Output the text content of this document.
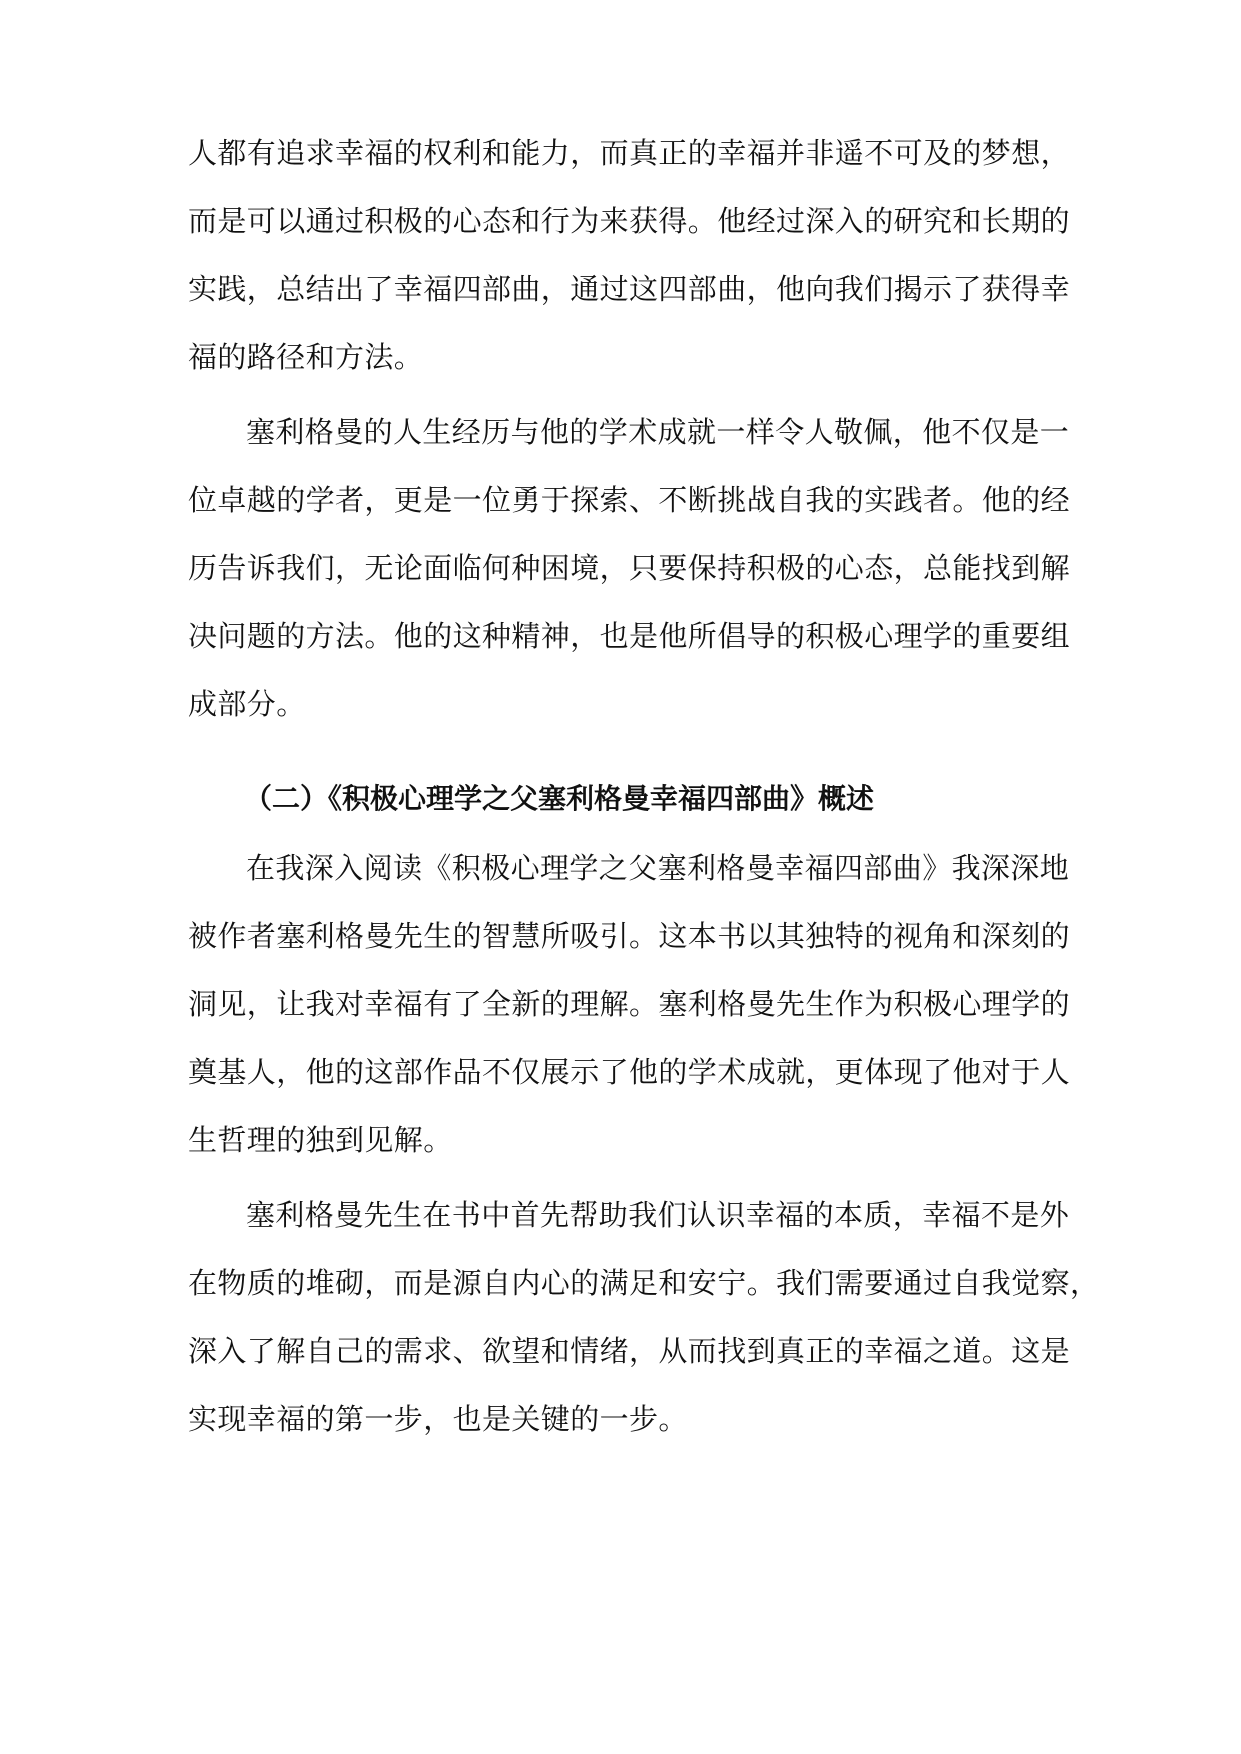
人都有追求幸福的权利和能力，而真正的幸福并非遥不可及的梦想，
而是可以通过积极的心态和行为来获得。他经过深入的研究和长期的
实践，总结出了幸福四部曲，通过这四部曲，他向我们揭示了获得幸
福的路径和方法。
塞利格曼的人生经历与他的学术成就一样令人敬佩，他不仅是一
位卓越的学者，更是一位勇于探索、不断挑战自我的实践者。他的经
历告诉我们，无论面临何种困境，只要保持积极的心态，总能找到解
决问题的方法。他的这种精神，也是他所倡导的积极心理学的重要组
成部分。
（二）《积极心理学之父塞利格曼幸福四部曲》概述
在我深入阅读《积极心理学之父塞利格曼幸福四部曲》我深深地
被作者塞利格曼先生的智慧所吸引。这本书以其独特的视角和深刻的
洞见，让我对幸福有了全新的理解。塞利格曼先生作为积极心理学的
奠基人，他的这部作品不仅展示了他的学术成就，更体现了他对于人
生哲理的独到见解。
塞利格曼先生在书中首先帮助我们认识幸福的本质，幸福不是外
在物质的堆砌，而是源自内心的满足和安宁。我们需要通过自我觉察，
深入了解自己的需求、欲望和情绪，从而找到真正的幸福之道。这是
实现幸福的第一步，也是关键的一步。
